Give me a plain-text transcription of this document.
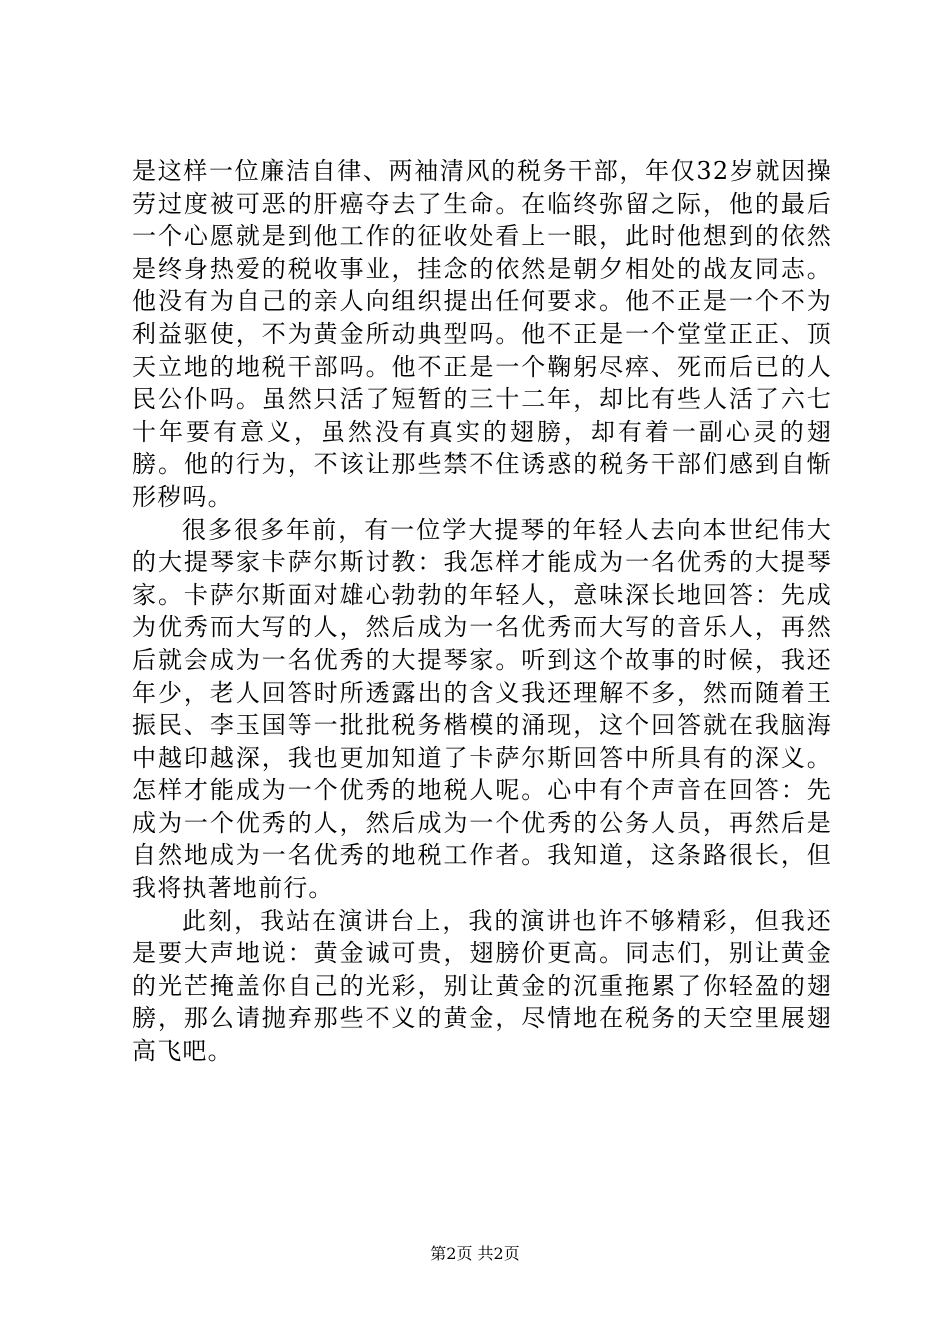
是这样一位廉洁自律、两袖清风的税务干部，年仅32岁就因操劳过度被可恶的肝癌夺去了生命。在临终弥留之际，他的最后一个心愿就是到他工作的征收处看上一眼，此时他想到的依然是终身热爱的税收事业，挂念的依然是朝夕相处的战友同志。他没有为自己的亲人向组织提出任何要求。他不正是一个不为利益驱使，不为黄金所动典型吗。他不正是一个堂堂正正、顶天立地的地税干部吗。他不正是一个鞠躬尽瘁、死而后已的人民公仆吗。虽然只活了短暂的三十二年，却比有些人活了六七十年要有意义，虽然没有真实的翅膀，却有着一副心灵的翅膀。他的行为，不该让那些禁不住诱惑的税务干部们感到自惭形秽吗。

很多很多年前，有一位学大提琴的年轻人去向本世纪伟大的大提琴家卡萨尔斯讨教：我怎样才能成为一名优秀的大提琴家。卡萨尔斯面对雄心勃勃的年轻人，意味深长地回答：先成为优秀而大写的人，然后成为一名优秀而大写的音乐人，再然后就会成为一名优秀的大提琴家。听到这个故事的时候，我还年少，老人回答时所透露出的含义我还理解不多，然而随着王振民、李玉国等一批批税务楷模的涌现，这个回答就在我脑海中越印越深，我也更加知道了卡萨尔斯回答中所具有的深义。怎样才能成为一个优秀的地税人呢。心中有个声音在回答：先成为一个优秀的人，然后成为一个优秀的公务人员，再然后是自然地成为一名优秀的地税工作者。我知道，这条路很长，但我将执著地前行。

此刻，我站在演讲台上，我的演讲也许不够精彩，但我还是要大声地说：黄金诚可贵，翅膀价更高。同志们，别让黄金的光芒掩盖你自己的光彩，别让黄金的沉重拖累了你轻盈的翅膀，那么请抛弃那些不义的黄金，尽情地在税务的天空里展翅高飞吧。

第2页 共2页
